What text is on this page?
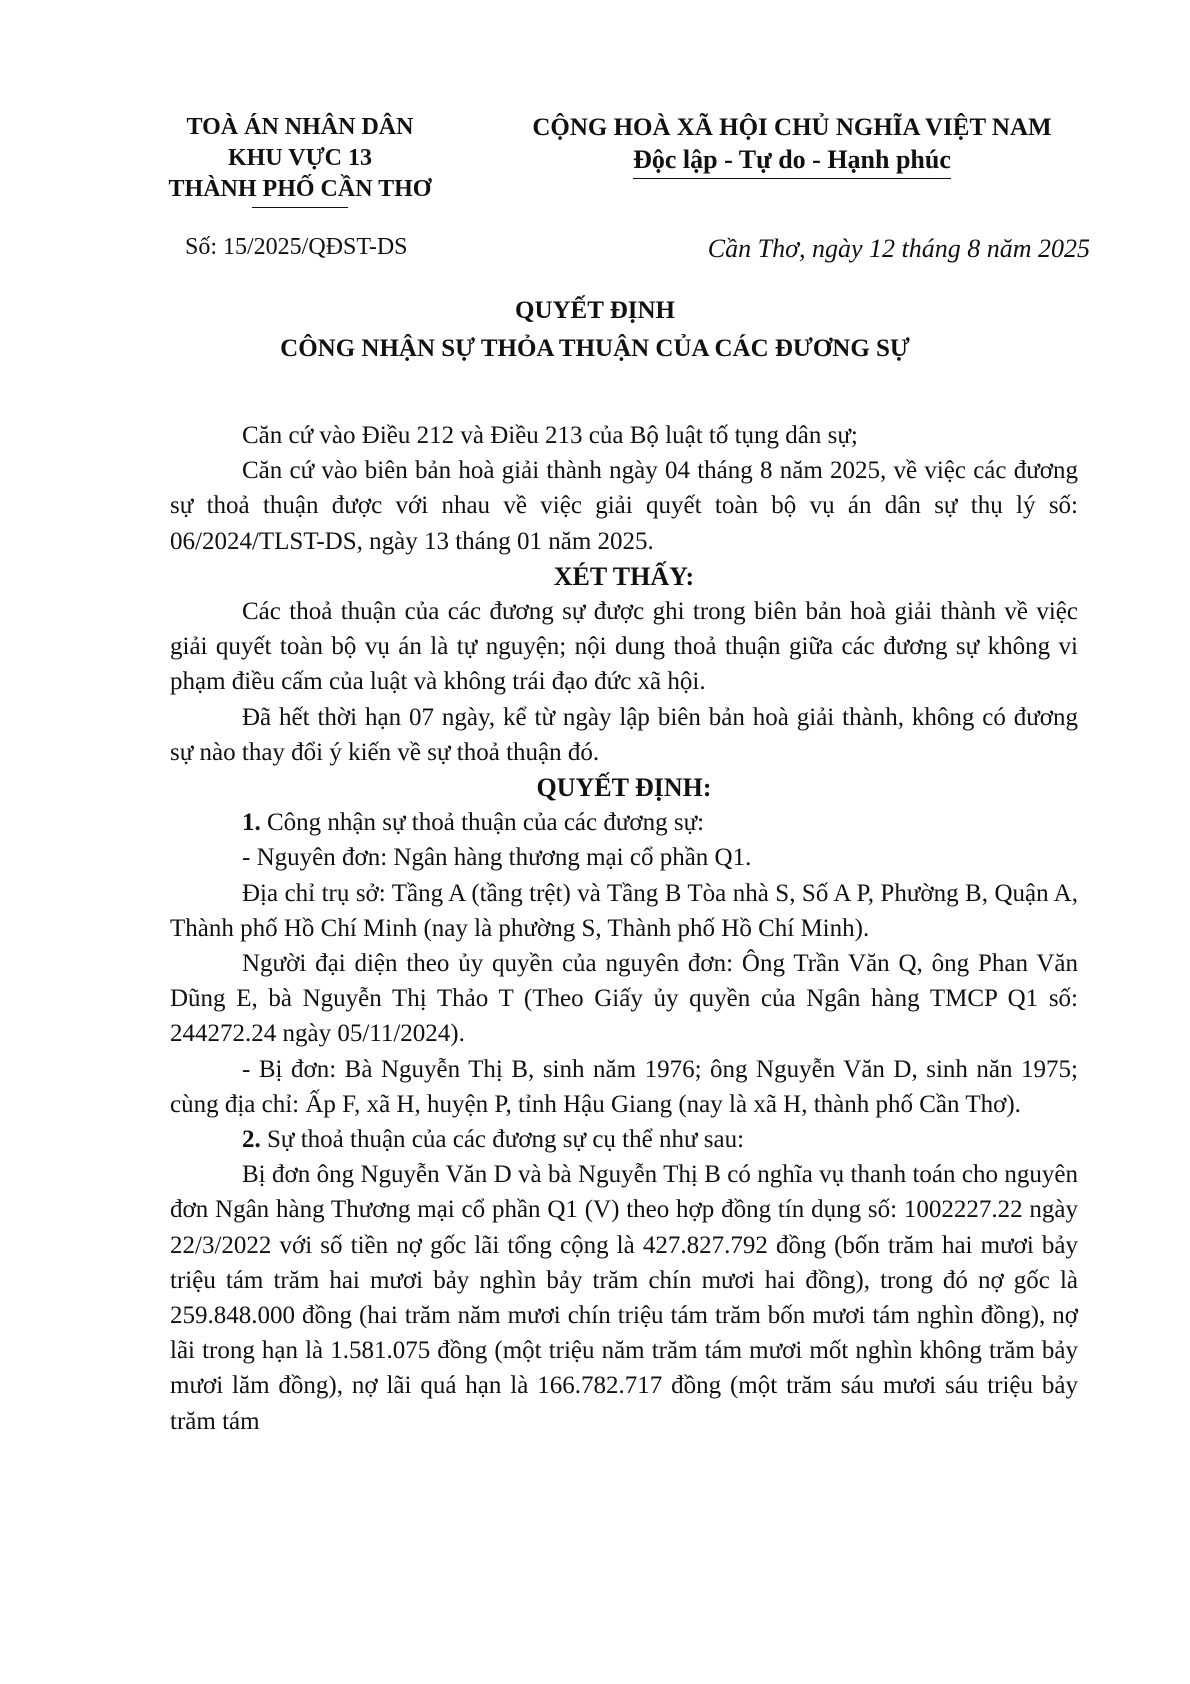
TOÀ ÁN NHÂN DÂN
KHU VỰC 13
THÀNH PHỐ CẦN THƠ
CỘNG HOÀ XÃ HỘI CHỦ NGHĨA VIỆT NAM
Độc lập - Tự do - Hạnh phúc
Số: 15/2025/QĐST-DS	Cần Thơ, ngày 12 tháng 8 năm 2025
QUYẾT ĐỊNH
CÔNG NHẬN SỰ THỎA THUẬN CỦA CÁC ĐƯƠNG SỰ

Căn cứ vào Điều 212 và Điều 213 của Bộ luật tố tụng dân sự;

Căn cứ vào biên bản hoà giải thành ngày 04 tháng 8 năm 2025, về việc các đương sự thoả thuận được với nhau về việc giải quyết toàn bộ vụ án dân sự thụ lý số: 06/2024/TLST-DS, ngày 13 tháng 01 năm 2025.

XÉT THẤY:

Các thoả thuận của các đương sự được ghi trong biên bản hoà giải thành về việc giải quyết toàn bộ vụ án là tự nguyện; nội dung thoả thuận giữa các đương sự không vi phạm điều cấm của luật và không trái đạo đức xã hội.

Đã hết thời hạn 07 ngày, kể từ ngày lập biên bản hoà giải thành, không có đương sự nào thay đổi ý kiến về sự thoả thuận đó.

QUYẾT ĐỊNH:

1. Công nhận sự thoả thuận của các đương sự:

- Nguyên đơn: Ngân hàng thương mại cổ phần Q1.

Địa chỉ trụ sở: Tầng A (tầng trệt) và Tầng B Tòa nhà S, Số A P, Phường B, Quận A, Thành phố Hồ Chí Minh (nay là phường S, Thành phố Hồ Chí Minh).

Người đại diện theo ủy quyền của nguyên đơn: Ông Trần Văn Q, ông Phan Văn Dũng E, bà Nguyễn Thị Thảo T (Theo Giấy ủy quyền của Ngân hàng TMCP Q1 số: 244272.24 ngày 05/11/2024).

- Bị đơn: Bà Nguyễn Thị B, sinh năm 1976; ông Nguyễn Văn D, sinh năn 1975; cùng địa chỉ: Ấp F, xã H, huyện P, tỉnh Hậu Giang (nay là xã H, thành phố Cần Thơ).

2. Sự thoả thuận của các đương sự cụ thể như sau:

Bị đơn ông Nguyễn Văn D và bà Nguyễn Thị B có nghĩa vụ thanh toán cho nguyên đơn Ngân hàng Thương mại cổ phần Q1 (V) theo hợp đồng tín dụng số: 1002227.22 ngày 22/3/2022 với số tiền nợ gốc lãi tổng cộng là 427.827.792 đồng (bốn trăm hai mươi bảy triệu tám trăm hai mươi bảy nghìn bảy trăm chín mươi hai đồng), trong đó nợ gốc là 259.848.000 đồng (hai trăm năm mươi chín triệu tám trăm bốn mươi tám nghìn đồng), nợ lãi trong hạn là 1.581.075 đồng (một triệu năm trăm tám mươi mốt nghìn không trăm bảy mươi lăm đồng), nợ lãi quá hạn là 166.782.717 đồng (một trăm sáu mươi sáu triệu bảy trăm tám
